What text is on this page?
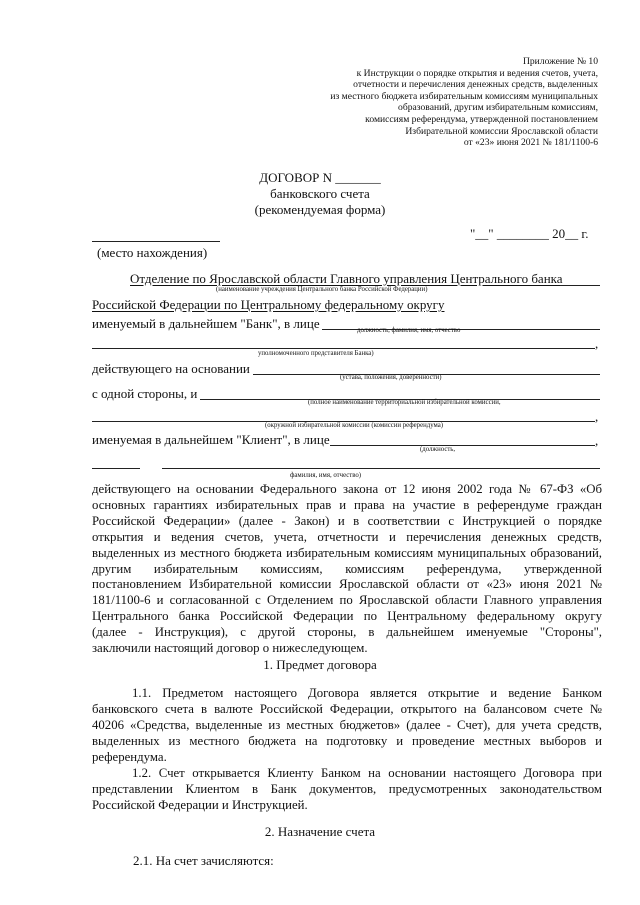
Приложение № 10
к Инструкции о порядке открытия и ведения счетов, учета,
отчетности и перечисления денежных средств, выделенных
из местного бюджета избирательным комиссиям муниципальных
образований, другим избирательным комиссиям,
комиссиям референдума, утвержденной постановлением
Избирательной комиссии Ярославской области
от «23» июня 2021 № 181/1100-6
ДОГОВОР N _______
банковского счета
(рекомендуемая форма)
(место нахождения)
"__" ________ 20__ г.
Отделение по Ярославской области Главного управления Центрального банка
(наименование учреждения Центрального банка Российской Федерации)
Российской Федерации по Центральному федеральному округу
именуемый в дальнейшем "Банк", в лице	должность, фамилия, имя, отчество
,
уполномоченного представителя Банка)
действующего на основании
(устава, положения, доверенности)
с одной стороны, и
(полное наименование территориальной избирательной комиссии,
,
(окружной избирательной комиссии (комиссии референдума)
именуемая в дальнейшем "Клиент", в лице	,
(должность,
фамилия, имя, отчество)
действующего на основании Федерального закона от 12 июня 2002 года № 67-ФЗ «Об
основных гарантиях избирательных прав и права на участие в референдуме граждан
Российской Федерации» (далее - Закон) и в соответствии с Инструкцией о порядке
открытия и ведения счетов, учета, отчетности и перечисления денежных средств,
выделенных из местного бюджета избирательным комиссиям муниципальных образований,
другим избирательным комиссиям, комиссиям референдума, утвержденной
постановлением Избирательной комиссии Ярославской области от «23» июня 2021 №
181/1100-6 и согласованной с Отделением по Ярославской области Главного управления
Центрального банка Российской Федерации по Центральному федеральному округу
(далее - Инструкция), с другой стороны, в дальнейшем именуемые "Стороны",
заключили настоящий договор о нижеследующем.
1. Предмет договора
1.1. Предметом настоящего Договора является открытие и ведение Банком
банковского счета в валюте Российской Федерации, открытого на балансовом счете №
40206 «Средства, выделенные из местных бюджетов» (далее - Счет), для учета средств,
выделенных из местного бюджета на подготовку и проведение местных выборов и
референдума.
1.2. Счет открывается Клиенту Банком на основании настоящего Договора при
представлении Клиентом в Банк документов, предусмотренных законодательством
Российской Федерации и Инструкцией.
2. Назначение счета
2.1. На счет зачисляются:
